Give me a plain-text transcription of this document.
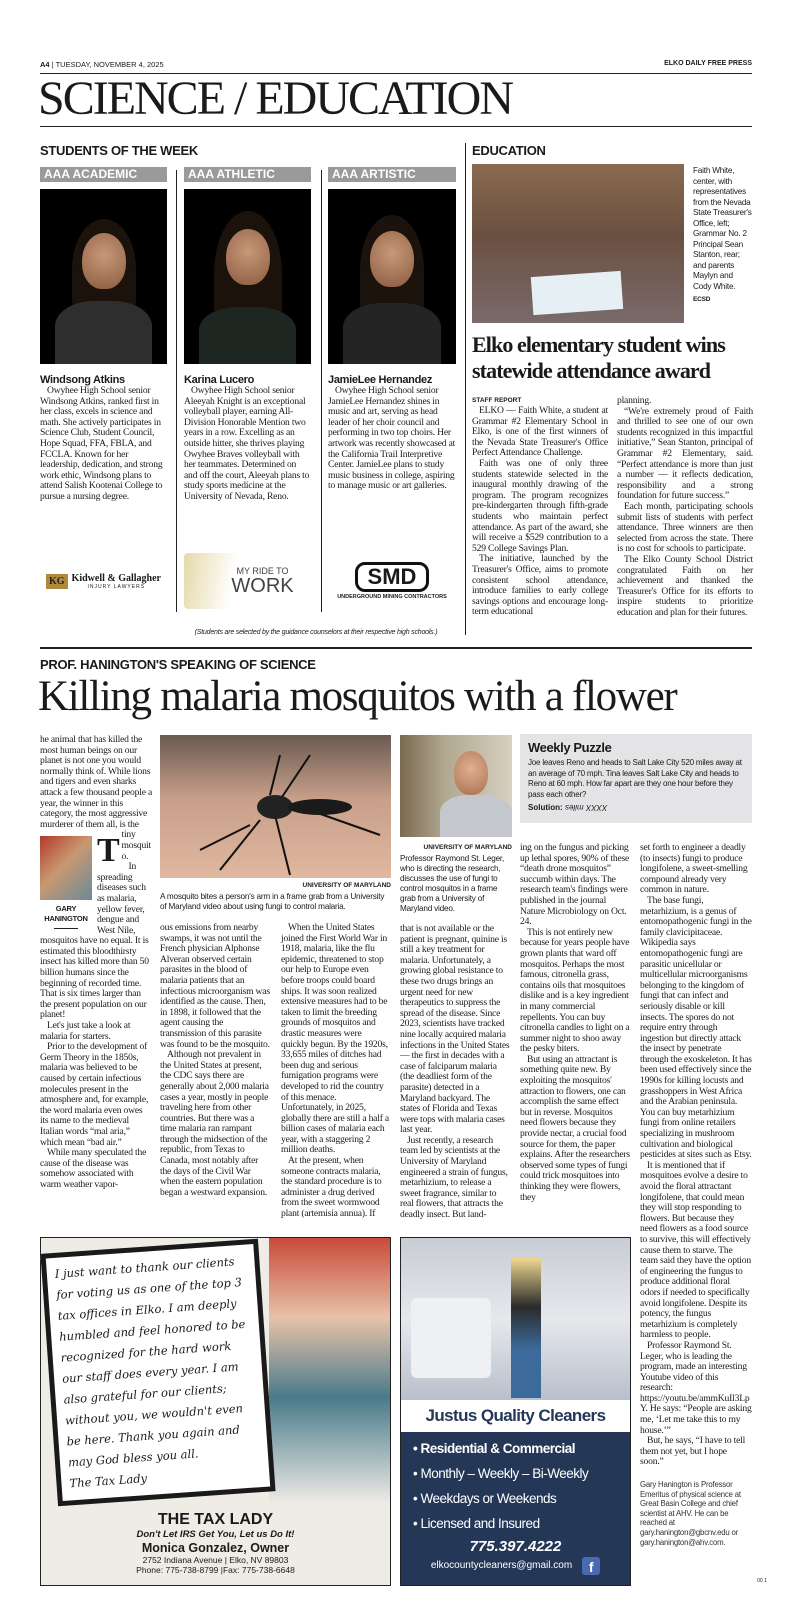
A4 | TUESDAY, NOVEMBER 4, 2025	ELKO DAILY FREE PRESS
SCIENCE / EDUCATION
STUDENTS OF THE WEEK
AAA ACADEMIC
Windsong Atkins

Owyhee High School senior Windsong Atkins, ranked first in her class, excels in science and math. She actively participates in Science Club, Student Council, Hope Squad, FFA, FBLA, and FCCLA. Known for her leadership, dedication, and strong work ethic, Windsong plans to attend Salish Kootenai College to pursue a nursing degree.

KG Kidwell & Gallagher
INJURY LAWYERS
AAA ATHLETIC
Karina Lucero

Owyhee High School senior Aleeyah Knight is an exceptional volleyball player, earning All-Division Honorable Mention two years in a row. Excelling as an outside hitter, she thrives playing Owyhee Braves volleyball with her teammates. Determined on and off the court, Aleeyah plans to study sports medicine at the University of Nevada, Reno.

MY RIDE TO
WORK
AAA ARTISTIC
JamieLee Hernandez

Owyhee High School senior JamieLee Hernandez shines in music and art, serving as head leader of her choir council and performing in two top choirs. Her artwork was recently showcased at the California Trail Interpretive Center. JamieLee plans to study music business in college, aspiring to manage music or art galleries.

SMD
UNDERGROUND MINING CONTRACTORS
(Students are selected by the guidance counselors at their respective high schools.)
EDUCATION
Faith White, center, with representatives from the Nevada State Treasurer's Office, left; Grammar No. 2 Principal Sean Stanton, rear; and parents Maylyn and Cody White.
ECSD
Elko elementary student wins statewide attendance award
STAFF REPORT

ELKO — Faith White, a student at Grammar #2 Elementary School in Elko, is one of the first winners of the Nevada State Treasurer's Office Perfect Attendance Challenge.

Faith was one of only three students statewide selected in the inaugural monthly drawing of the program. The program recognizes pre-kindergarten through fifth-grade students who maintain perfect attendance. As part of the award, she will receive a $529 contribution to a 529 College Savings Plan.

The initiative, launched by the Treasurer's Office, aims to promote consistent school attendance, introduce families to early college savings options and encourage long-term educational

planning.

“We're extremely proud of Faith and thrilled to see one of our own students recognized in this impactful initiative,” Sean Stanton, principal of Grammar #2 Elementary, said. “Perfect attendance is more than just a number — it reflects dedication, responsibility and a strong foundation for future success.”

Each month, participating schools submit lists of students with perfect attendance. Three winners are then selected from across the state. There is no cost for schools to participate.

The Elko County School District congratulated Faith on her achievement and thanked the Treasurer's Office for its efforts to inspire students to prioritize education and plan for their futures.

PROF. HANINGTON'S SPEAKING OF SCIENCE
Killing malaria mosquitos with a flower
Weekly Puzzle
Joe leaves Reno and heads to Salt Lake City 520 miles away at an average of 70 mph. Tina leaves Salt Lake City and heads to Reno at 60 mph. How far apart are they one hour before they pass each other?
Solution: XXXX miles
GARY HANINGTON

T
he animal that has killed the most human beings on our planet is not one you would normally think of. While lions and tigers and even sharks attack a few thousand people a year, the winner in this category, the most aggressive murderer of them all, is the tiny mosquito.

In spreading diseases such as malaria, yellow fever, dengue and West Nile, mosquitos have no equal. It is estimated this bloodthirsty insect has killed more than 50 billion humans since the beginning of recorded time. That is six times larger than the present population on our planet!

Let's just take a look at malaria for starters.

Prior to the development of Germ Theory in the 1850s, malaria was believed to be caused by certain infectious molecules present in the atmosphere and, for example, the word malaria even owes its name to the medieval Italian words “mal aria,” which mean “bad air.”

While many speculated the cause of the disease was somehow associated with warm weather vapor-

UNIVERSITY OF MARYLAND
A mosquito bites a person's arm in a frame grab from a University of Maryland video about using fungi to control malaria.

ous emissions from nearby swamps, it was not until the French physician Alphonse Alveran observed certain parasites in the blood of malaria patients that an infectious microorganism was identified as the cause. Then, in 1898, it followed that the agent causing the transmission of this parasite was found to be the mosquito.

Although not prevalent in the United States at present, the CDC says there are generally about 2,000 malaria cases a year, mostly in people traveling here from other countries. But there was a time malaria ran rampant through the midsection of the republic, from Texas to Canada, most notably after the days of the Civil War when the eastern population began a westward expansion.

When the United States joined the First World War in 1918, malaria, like the flu epidemic, threatened to stop our help to Europe even before troops could board ships. It was soon realized extensive measures had to be taken to limit the breeding grounds of mosquitos and drastic measures were quickly begun. By the 1920s, 33,655 miles of ditches had been dug and serious fumigation programs were developed to rid the country of this menace. Unfortunately, in 2025, globally there are still a half a billion cases of malaria each year, with a staggering 2 million deaths.

At the present, when someone contracts malaria, the standard procedure is to administer a drug derived from the sweet wormwood plant (artemisia annua). If

UNIVERSITY OF MARYLAND
Professor Raymond St. Leger, who is directing the research, discusses the use of fungi to control mosquitos in a frame grab from a University of Maryland video.

that is not available or the patient is pregnant, quinine is still a key treatment for malaria. Unfortunately, a growing global resistance to these two drugs brings an urgent need for new therapeutics to suppress the spread of the disease. Since 2023, scientists have tracked nine locally acquired malaria infections in the United States — the first in decades with a case of falciparum malaria (the deadliest form of the parasite) detected in a Maryland backyard. The states of Florida and Texas were tops with malaria cases last year.

Just recently, a research team led by scientists at the University of Maryland engineered a strain of fungus, metarhizium, to release a sweet fragrance, similar to real flowers, that attracts the deadly insect. But land-

ing on the fungus and picking up lethal spores, 90% of these “death drone mosquitos” succumb within days. The research team's findings were published in the journal Nature Microbiology on Oct. 24.

This is not entirely new because for years people have grown plants that ward off mosquitos. Perhaps the most famous, citronella grass, contains oils that mosquitoes dislike and is a key ingredient in many commercial repellents. You can buy citronella candles to light on a summer night to shoo away the pesky biters.

But using an attractant is something quite new. By exploiting the mosquitos' attraction to flowers, one can accomplish the same effect but in reverse. Mosquitos need flowers because they provide nectar, a crucial food source for them, the paper explains. After the researchers observed some types of fungi could trick mosquitoes into thinking they were flowers, they

I just want to thank our clients for voting us as one of the top 3 tax offices in Elko. I am deeply humbled and feel honored to be recognized for the hard work our staff does every year. I am also grateful for our clients; without you, we wouldn't even be here. Thank you again and may God bless you all.
The Tax Lady
THE TAX LADY
Don't Let IRS Get You, Let us Do It!
Monica Gonzalez, Owner
2752 Indiana Avenue | Elko, NV 89803
Phone: 775-738-8799 |Fax: 775-738-6648
Justus Quality Cleaners
• Residential & Commercial
• Monthly – Weekly – Bi-Weekly
• Weekdays or Weekends
• Licensed and Insured
775.397.4222
elkocountycleaners@gmail.com	f

set forth to engineer a deadly (to insects) fungi to produce longifolene, a sweet-smelling compound already very common in nature.

The base fungi, metarhizium, is a genus of entomopathogenic fungi in the family clavicipitaceae. Wikipedia says entomopathogenic fungi are parasitic unicellular or multicellular microorganisms belonging to the kingdom of fungi that can infect and seriously disable or kill insects. The spores do not require entry through ingestion but directly attack the insect by penetrate through the exoskeleton. It has been used effectively since the 1990s for killing locusts and grasshoppers in West Africa and the Arabian peninsula. You can buy metarhizium fungi from online retailers specializing in mushroom cultivation and biological pesticides at sites such as Etsy.

It is mentioned that if mosquitoes evolve a desire to avoid the floral attractant longifolene, that could mean they will stop responding to flowers. But because they need flowers as a food source to survive, this will effectively cause them to starve. The team said they have the option of engineering the fungus to produce additional floral odors if needed to specifically avoid longifolene. Despite its potency, the fungus metarhizium is completely harmless to people.

Professor Raymond St. Leger, who is leading the program, made an interesting Youtube video of this research: https://youtu.be/ammKuIl3LpY. He says: “People are asking me, ‘Let me take this to my house.’”

But, he says, “I have to tell them not yet, but I hope soon.”

Gary Hanington is Professor Emeritus of physical science at Great Basin College and chief scientist at AHV. He can be reached at gary.hanington@gbcnv.edu or gary.hanington@ahv.com.
00 1
